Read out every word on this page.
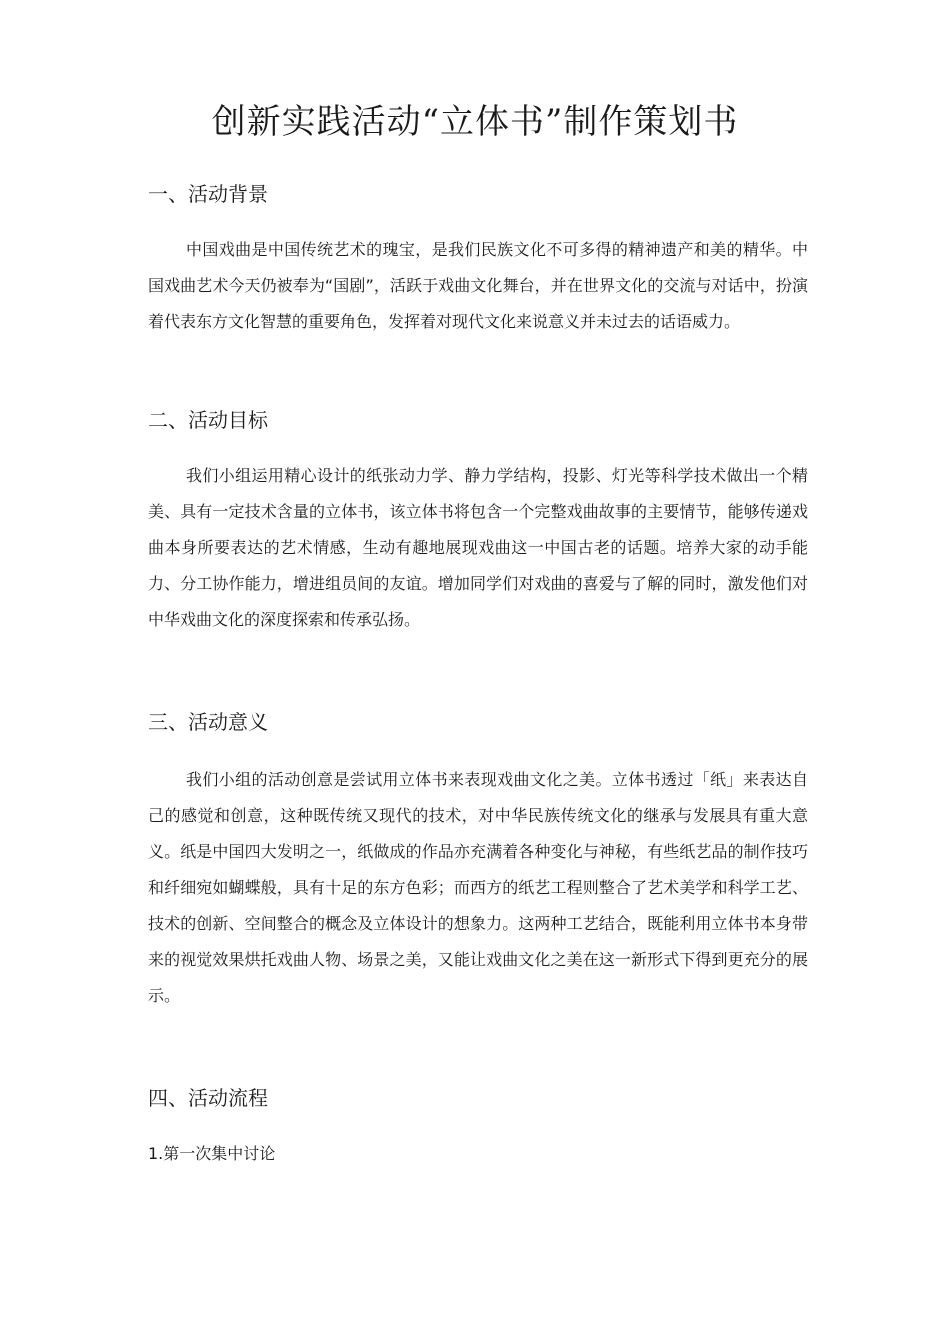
创新实践活动“立体书”制作策划书
一、活动背景

中国戏曲是中国传统艺术的瑰宝，是我们民族文化不可多得的精神遗产和美的精华。中国戏曲艺术今天仍被奉为“国剧”，活跃于戏曲文化舞台，并在世界文化的交流与对话中，扮演着代表东方文化智慧的重要角色，发挥着对现代文化来说意义并未过去的话语威力。

二、活动目标

我们小组运用精心设计的纸张动力学、静力学结构，投影、灯光等科学技术做出一个精美、具有一定技术含量的立体书，该立体书将包含一个完整戏曲故事的主要情节，能够传递戏曲本身所要表达的艺术情感，生动有趣地展现戏曲这一中国古老的话题。培养大家的动手能力、分工协作能力，增进组员间的友谊。增加同学们对戏曲的喜爱与了解的同时，激发他们对中华戏曲文化的深度探索和传承弘扬。

三、活动意义

我们小组的活动创意是尝试用立体书来表现戏曲文化之美。立体书透过「纸」来表达自己的感觉和创意，这种既传统又现代的技术，对中华民族传统文化的继承与发展具有重大意义。纸是中国四大发明之一，纸做成的作品亦充满着各种变化与神秘，有些纸艺品的制作技巧和纤细宛如蝴蝶般，具有十足的东方色彩；而西方的纸艺工程则整合了艺术美学和科学工艺、技术的创新、空间整合的概念及立体设计的想象力。这两种工艺结合，既能利用立体书本身带来的视觉效果烘托戏曲人物、场景之美，又能让戏曲文化之美在这一新形式下得到更充分的展示。

四、活动流程
1.第一次集中讨论
